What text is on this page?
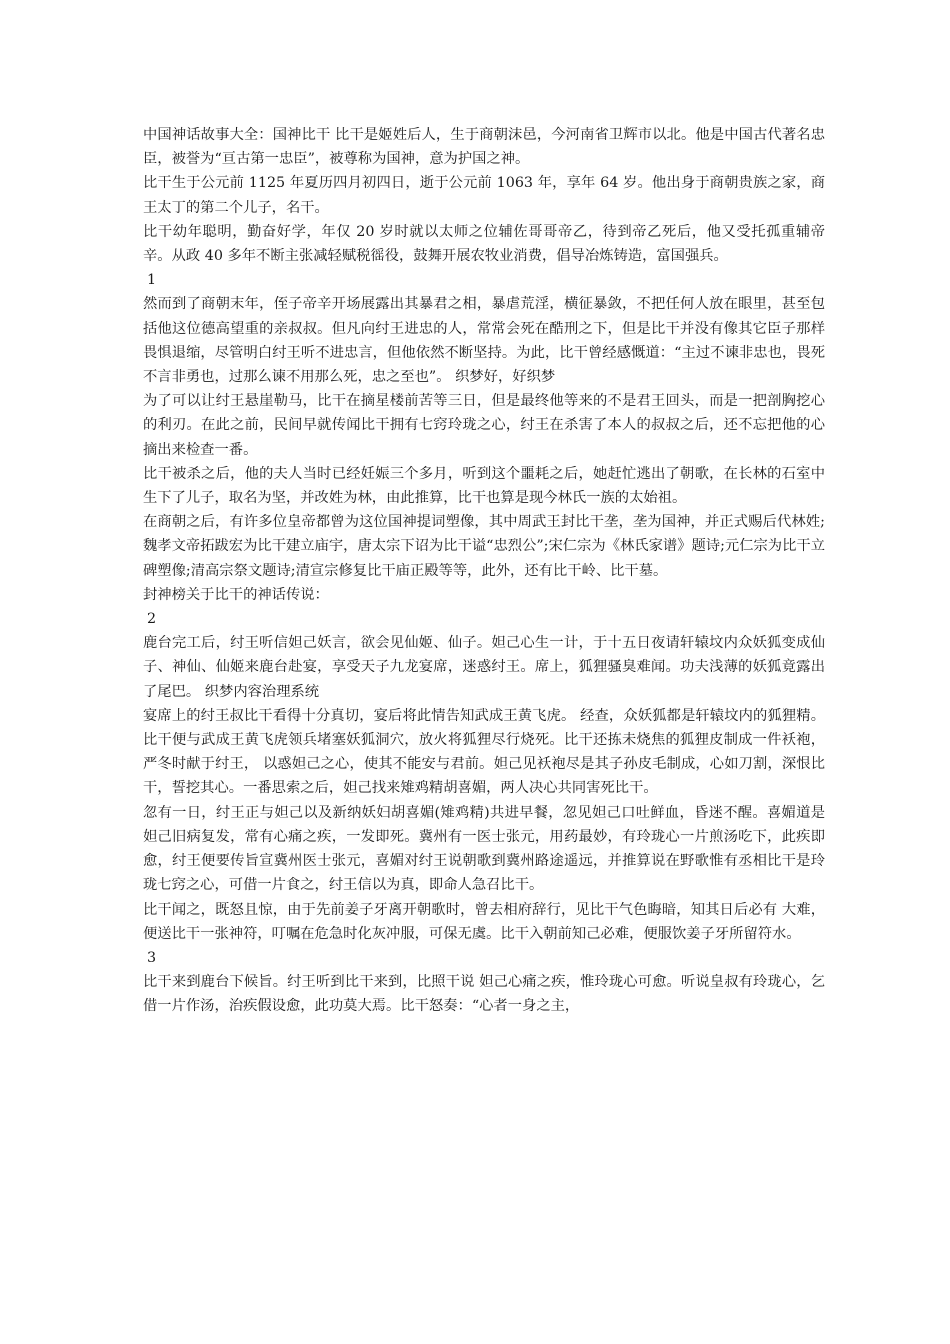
中国神话故事大全：国神比干 比干是姬姓后人，生于商朝沫邑，今河南省卫辉市以北。他是中国古代著名忠臣，被誉为“亘古第一忠臣”，被尊称为国神，意为护国之神。

比干生于公元前 1125 年夏历四月初四日，逝于公元前 1063 年，享年 64 岁。他出身于商朝贵族之家，商王太丁的第二个儿子，名干。

比干幼年聪明，勤奋好学，年仅 20 岁时就以太师之位辅佐哥哥帝乙，待到帝乙死后，他又受托孤重辅帝辛。从政 40 多年不断主张减轻赋税徭役，鼓舞开展农牧业消费，倡导冶炼铸造，富国强兵。

1

然而到了商朝末年，侄子帝辛开场展露出其暴君之相，暴虐荒淫，横征暴敛，不把任何人放在眼里，甚至包括他这位德高望重的亲叔叔。但凡向纣王进忠的人，常常会死在酷刑之下，但是比干并没有像其它臣子那样畏惧退缩，尽管明白纣王听不进忠言，但他依然不断坚持。为此，比干曾经感慨道：“主过不谏非忠也，畏死不言非勇也，过那么谏不用那么死，忠之至也”。 织梦好，好织梦

为了可以让纣王悬崖勒马，比干在摘星楼前苦等三日，但是最终他等来的不是君王回头，而是一把剖胸挖心的利刃。在此之前，民间早就传闻比干拥有七窍玲珑之心，纣王在杀害了本人的叔叔之后，还不忘把他的心摘出来检查一番。

比干被杀之后，他的夫人当时已经妊娠三个多月，听到这个噩耗之后，她赶忙逃出了朝歌，在长林的石室中生下了儿子，取名为坚，并改姓为林，由此推算，比干也算是现今林氏一族的太始祖。

在商朝之后，有许多位皇帝都曾为这位国神提词塑像，其中周武王封比干垄，垄为国神，并正式赐后代林姓;魏孝文帝拓跋宏为比干建立庙宇，唐太宗下诏为比干谥“忠烈公”;宋仁宗为《林氏家谱》题诗;元仁宗为比干立碑塑像;清高宗祭文题诗;清宣宗修复比干庙正殿等等，此外，还有比干岭、比干墓。

封神榜关于比干的神话传说：

2

鹿台完工后，纣王听信妲己妖言，欲会见仙姬、仙子。妲己心生一计，于十五日夜请轩辕坟内众妖狐变成仙子、神仙、仙姬来鹿台赴宴，享受天子九龙宴席，迷惑纣王。席上，狐狸骚臭难闻。功夫浅薄的妖狐竟露出了尾巴。 织梦内容治理系统

宴席上的纣王叔比干看得十分真切，宴后将此情告知武成王黄飞虎。 经查，众妖狐都是轩辕坟内的狐狸精。比干便与武成王黄飞虎领兵堵塞妖狐洞穴，放火将狐狸尽行烧死。比干还拣未烧焦的狐狸皮制成一件袄袍，严冬时献于纣王， 以惑妲己之心，使其不能安与君前。妲己见袄袍尽是其子孙皮毛制成，心如刀割，深恨比干，誓挖其心。一番思索之后，妲己找来雉鸡精胡喜媚，两人决心共同害死比干。

忽有一日，纣王正与妲己以及新纳妖妇胡喜媚(雉鸡精)共进早餐，忽见妲己口吐鲜血，昏迷不醒。喜媚道是妲己旧病复发，常有心痛之疾，一发即死。冀州有一医士张元，用药最妙，有玲珑心一片煎汤吃下，此疾即愈，纣王便要传旨宣冀州医士张元，喜媚对纣王说朝歌到冀州路途遥远，并推算说在野歌惟有丞相比干是玲珑七窍之心，可借一片食之，纣王信以为真，即命人急召比干。

比干闻之，既怒且惊，由于先前姜子牙离开朝歌时，曾去相府辞行，见比干气色晦暗，知其日后必有 大难，便送比干一张神符，叮嘱在危急时化灰冲服，可保无虞。比干入朝前知己必难，便服饮姜子牙所留符水。

3

比干来到鹿台下候旨。纣王听到比干来到，比照干说 妲己心痛之疾，惟玲珑心可愈。听说皇叔有玲珑心，乞借一片作汤，治疾假设愈，此功莫大焉。比干怒奏：“心者一身之主，
